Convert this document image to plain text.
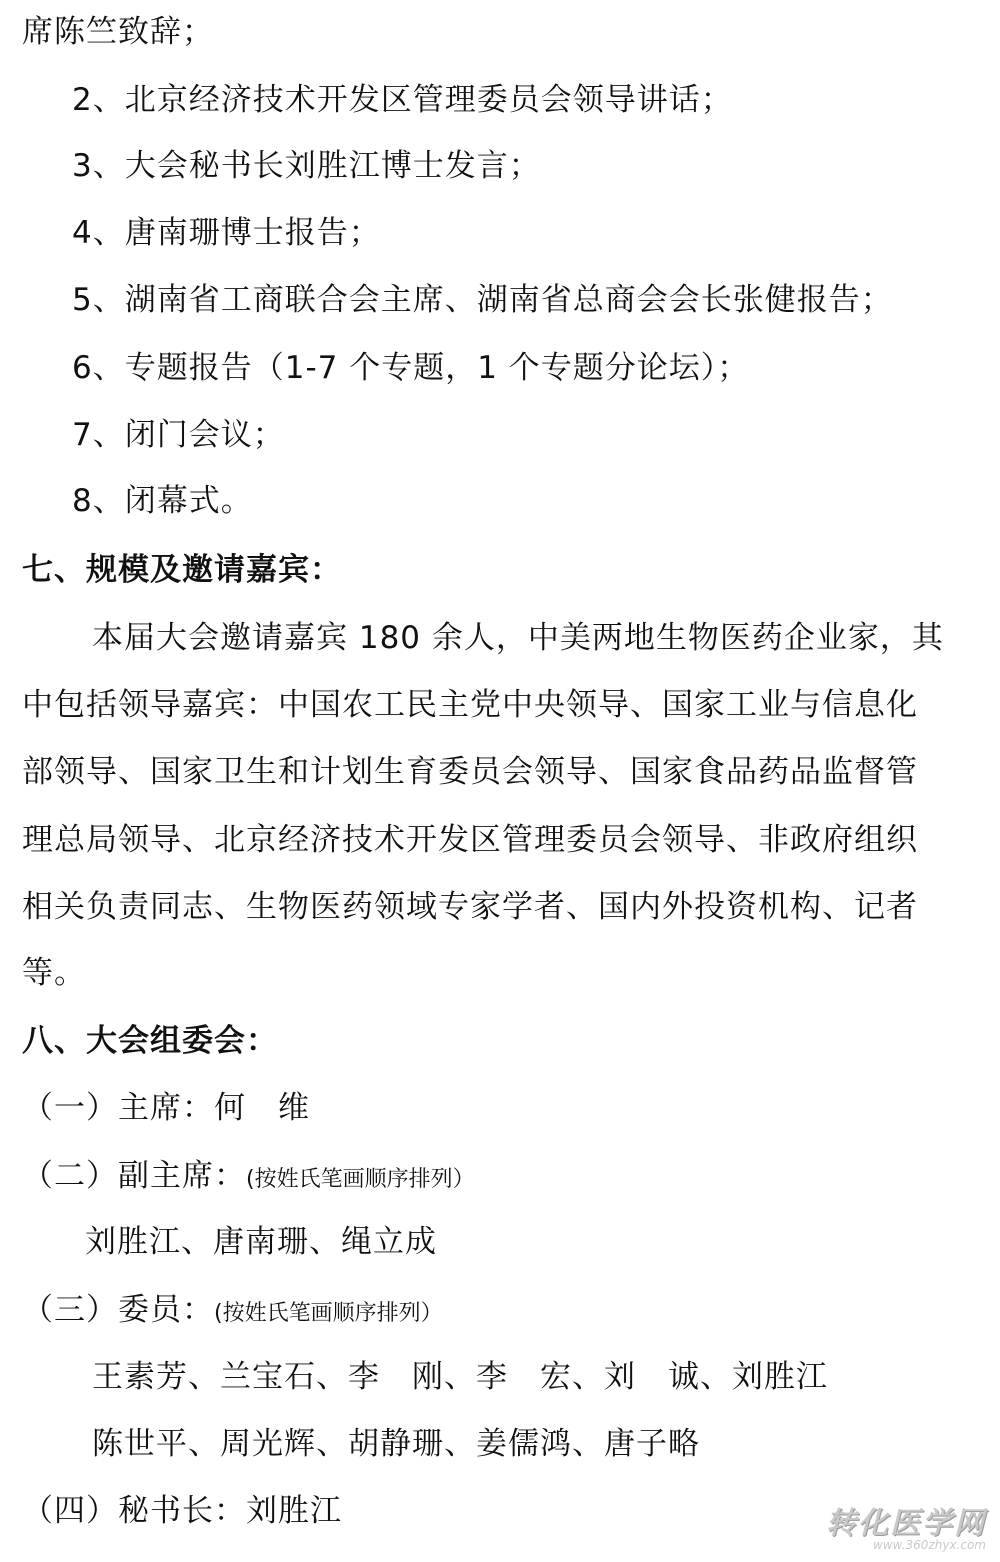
席陈竺致辞；
2、北京经济技术开发区管理委员会领导讲话；
3、大会秘书长刘胜江博士发言；
4、唐南珊博士报告；
5、湖南省工商联合会主席、湖南省总商会会长张健报告；
6、专题报告（1-7 个专题，1 个专题分论坛）；
7、闭门会议；
8、闭幕式。
七、规模及邀请嘉宾：
本届大会邀请嘉宾 180 余人，中美两地生物医药企业家，其
中包括领导嘉宾：中国农工民主党中央领导、国家工业与信息化
部领导、国家卫生和计划生育委员会领导、国家食品药品监督管
理总局领导、北京经济技术开发区管理委员会领导、非政府组织
相关负责同志、生物医药领域专家学者、国内外投资机构、记者
等。
八、大会组委会：
（一）主席：何　维
（二）副主席：(按姓氏笔画顺序排列）
刘胜江、唐南珊、绳立成
（三）委员：(按姓氏笔画顺序排列）
王素芳、兰宝石、李　刚、李　宏、刘　诚、刘胜江
陈世平、周光辉、胡静珊、姜儒鸿、唐子略
（四）秘书长：刘胜江	转化医学网
www.360zhyx.com
